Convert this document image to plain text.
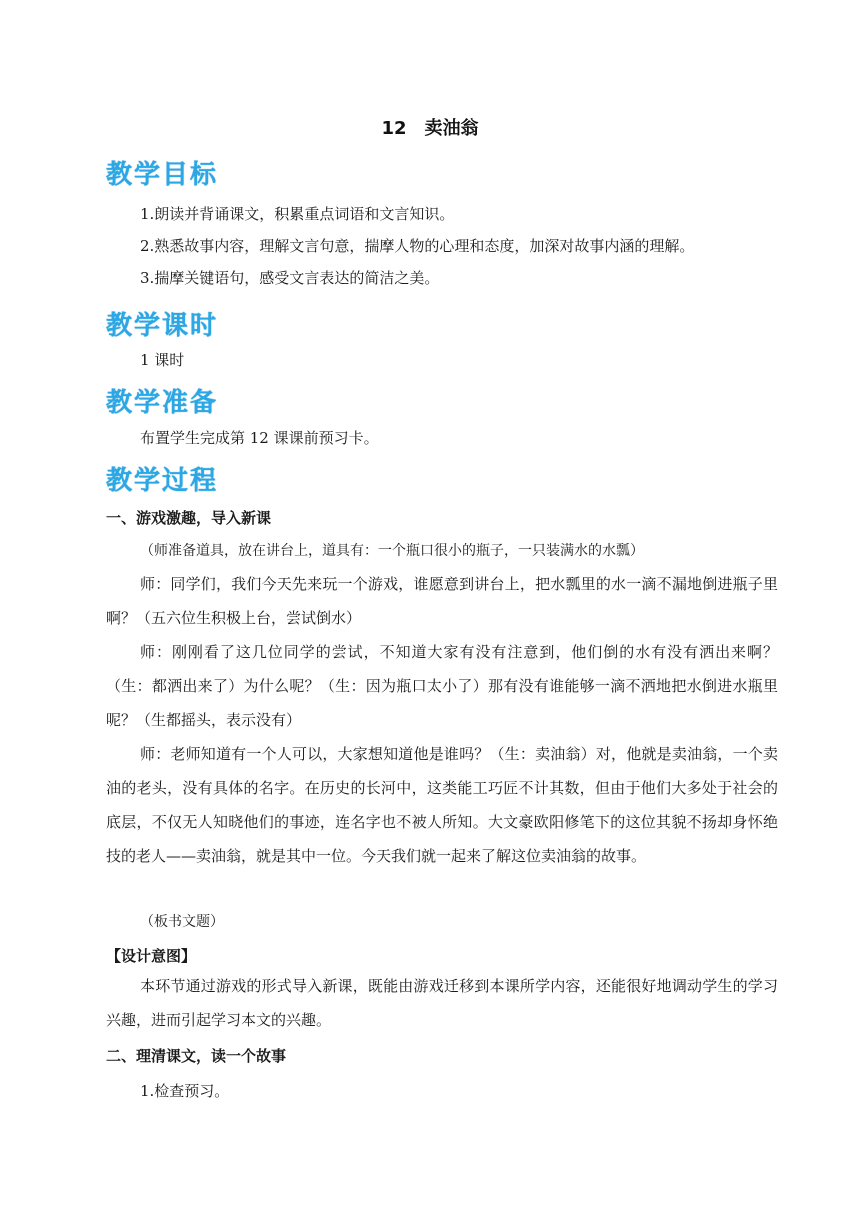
12 卖油翁
教学目标
1.朗读并背诵课文，积累重点词语和文言知识。
2.熟悉故事内容，理解文言句意，揣摩人物的心理和态度，加深对故事内涵的理解。
3.揣摩关键语句，感受文言表达的简洁之美。
教学课时
1 课时
教学准备
布置学生完成第 12 课课前预习卡。
教学过程
一、游戏激趣，导入新课
（师准备道具，放在讲台上，道具有：一个瓶口很小的瓶子，一只装满水的水瓢）
师：同学们，我们今天先来玩一个游戏，谁愿意到讲台上，把水瓢里的水一滴不漏地倒进瓶子里啊？（五六位生积极上台，尝试倒水）
师：刚刚看了这几位同学的尝试，不知道大家有没有注意到，他们倒的水有没有洒出来啊？（生：都洒出来了）为什么呢？（生：因为瓶口太小了）那有没有谁能够一滴不洒地把水倒进水瓶里呢？（生都摇头，表示没有）
师：老师知道有一个人可以，大家想知道他是谁吗？（生：卖油翁）对，他就是卖油翁，一个卖油的老头，没有具体的名字。在历史的长河中，这类能工巧匠不计其数，但由于他们大多处于社会的底层，不仅无人知晓他们的事迹，连名字也不被人所知。大文豪欧阳修笔下的这位其貌不扬却身怀绝技的老人——卖油翁，就是其中一位。今天我们就一起来了解这位卖油翁的故事。
（板书文题）
【设计意图】
本环节通过游戏的形式导入新课，既能由游戏迁移到本课所学内容，还能很好地调动学生的学习兴趣，进而引起学习本文的兴趣。
二、理清课文，读一个故事
1.检查预习。
